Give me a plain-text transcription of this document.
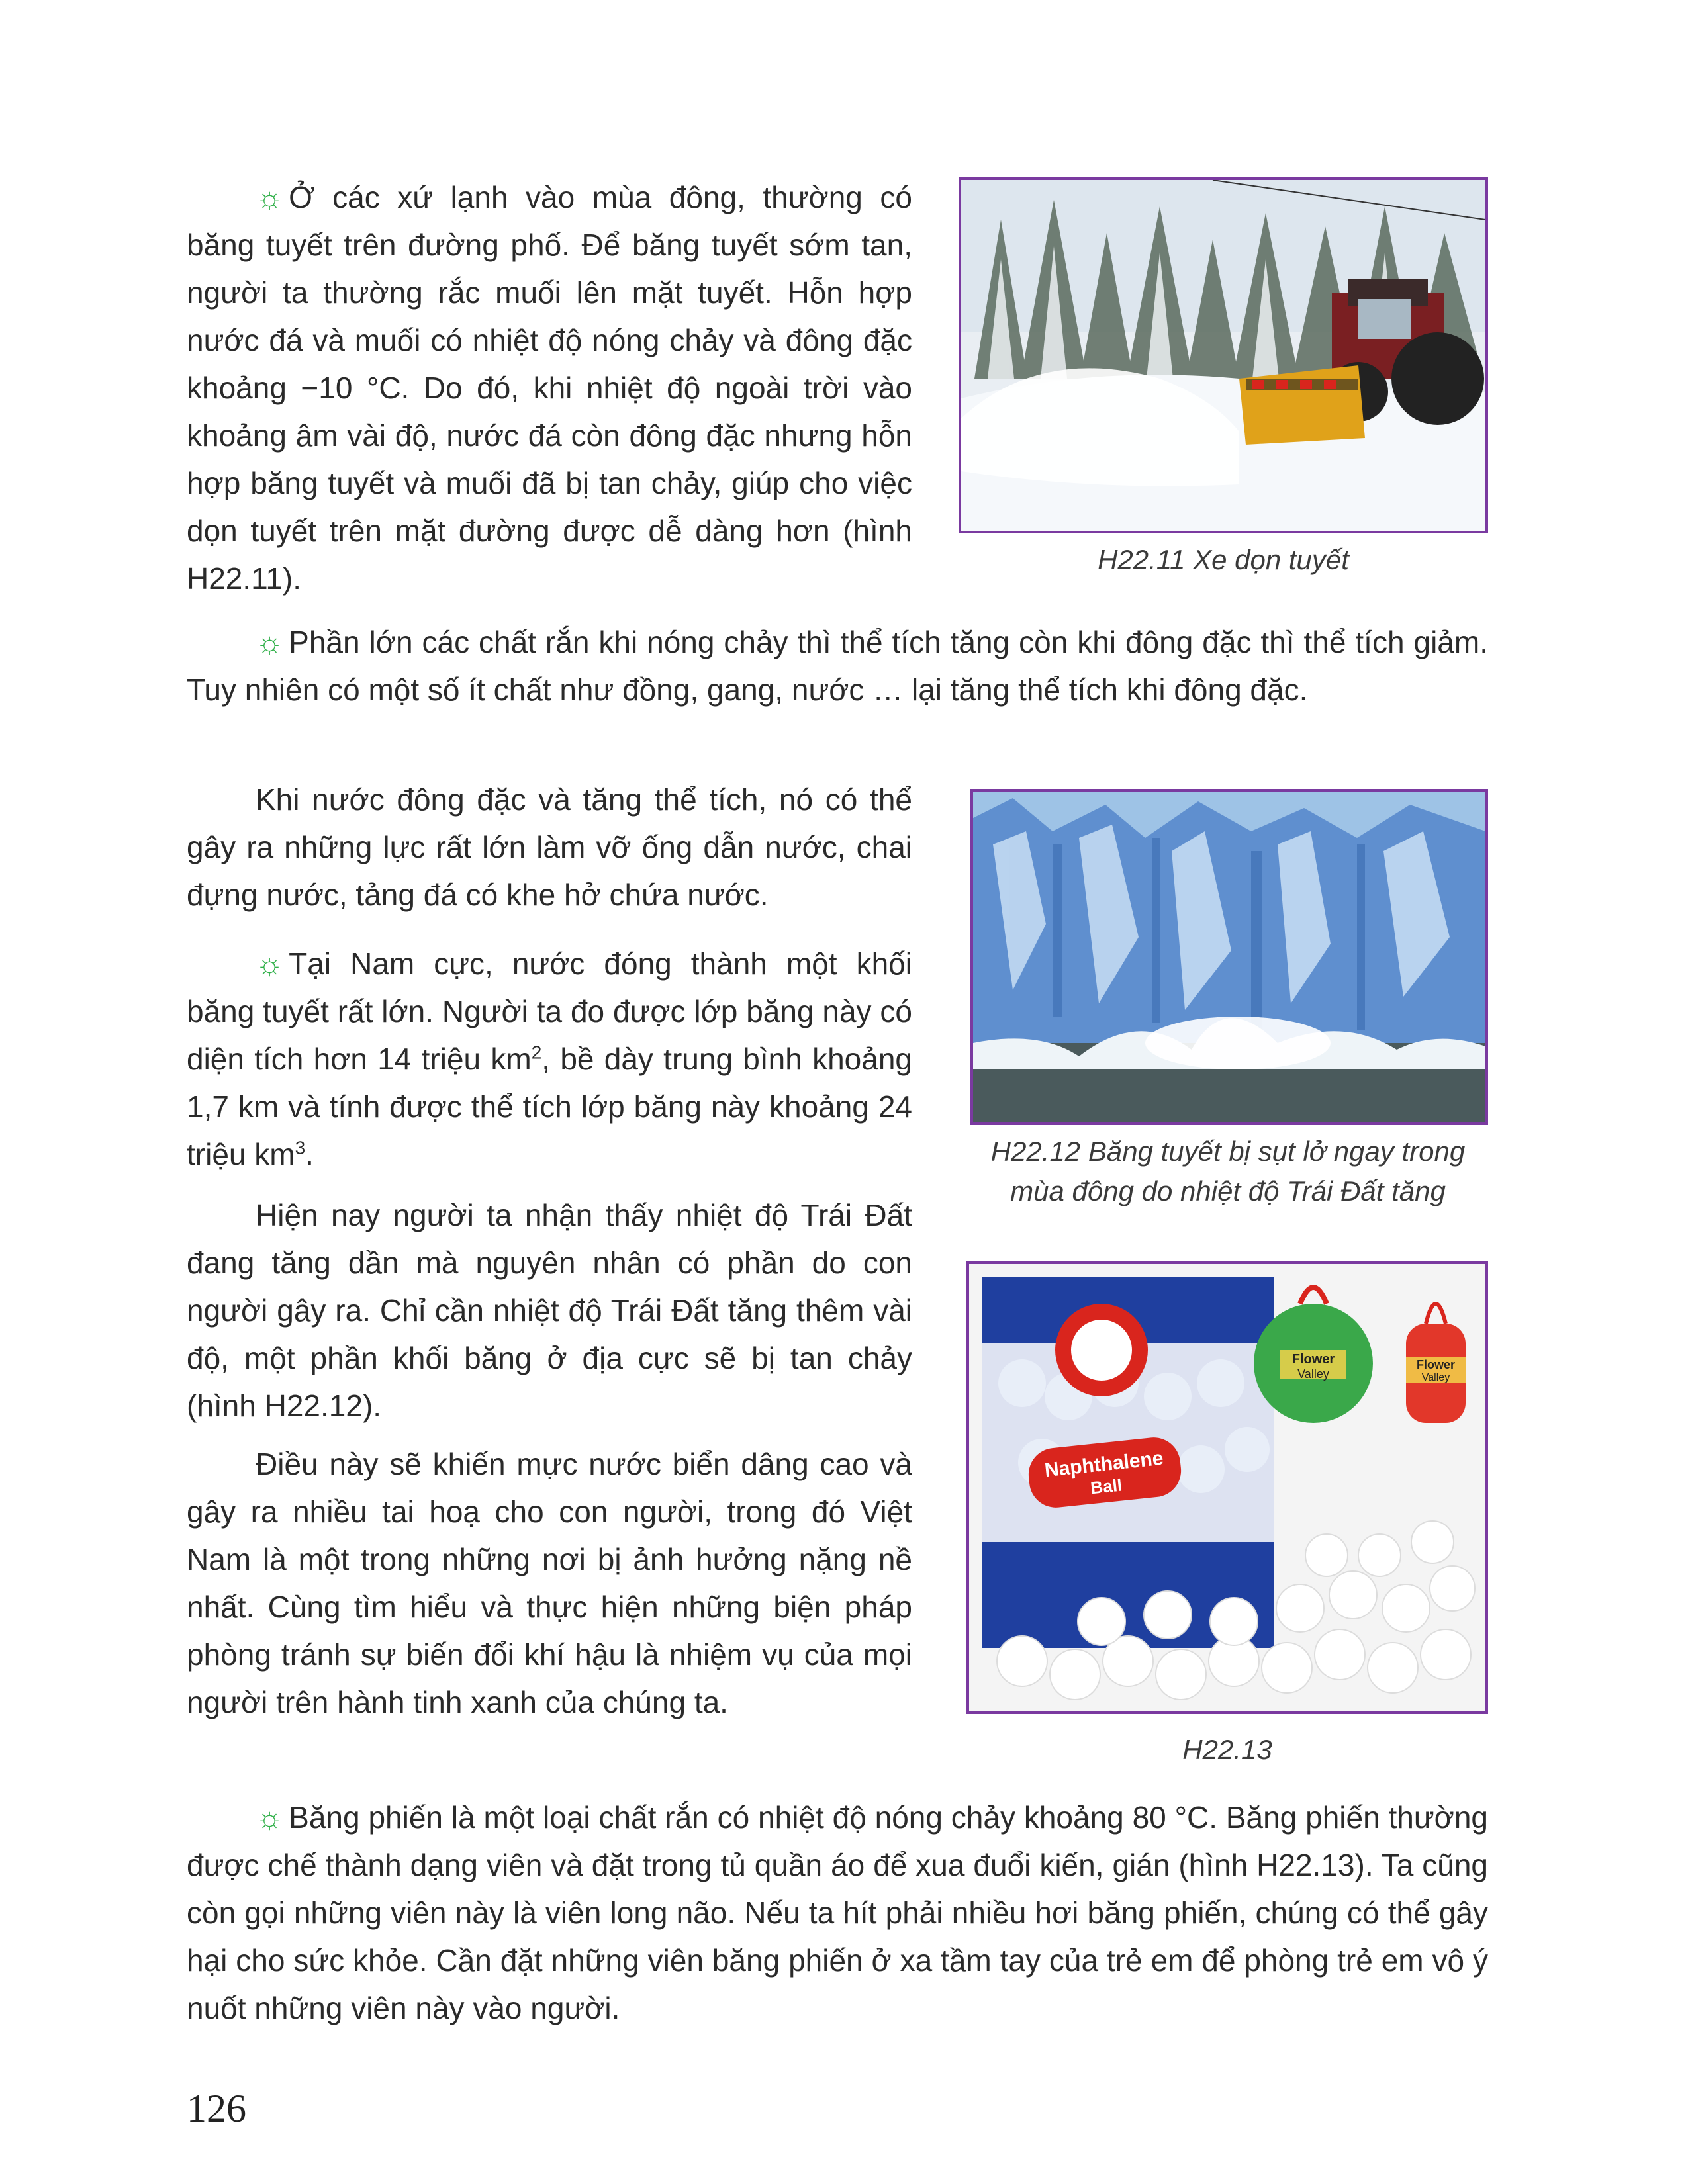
☼ Ở các xứ lạnh vào mùa đông, thường có băng tuyết trên đường phố. Để băng tuyết sớm tan, người ta thường rắc muối lên mặt tuyết. Hỗn hợp nước đá và muối có nhiệt độ nóng chảy và đông đặc khoảng −10 °C. Do đó, khi nhiệt độ ngoài trời vào khoảng âm vài độ, nước đá còn đông đặc nhưng hỗn hợp băng tuyết và muối đã bị tan chảy, giúp cho việc dọn tuyết trên mặt đường được dễ dàng hơn (hình H22.11).

H22.11 Xe dọn tuyết

☼ Phần lớn các chất rắn khi nóng chảy thì thể tích tăng còn khi đông đặc thì thể tích giảm. Tuy nhiên có một số ít chất như đồng, gang, nước … lại tăng thể tích khi đông đặc.

Khi nước đông đặc và tăng thể tích, nó có thể gây ra những lực rất lớn làm vỡ ống dẫn nước, chai đựng nước, tảng đá có khe hở chứa nước.

H22.12 Băng tuyết bị sụt lở ngay trong
mùa đông do nhiệt độ Trái Đất tăng

☼ Tại Nam cực, nước đóng thành một khối băng tuyết rất lớn. Người ta đo được lớp băng này có diện tích hơn 14 triệu $km^2$, bề dày trung bình khoảng 1,7 km và tính được thể tích lớp băng này khoảng 24 triệu $km^3$.

Hiện nay người ta nhận thấy nhiệt độ Trái Đất đang tăng dần mà nguyên nhân có phần do con người gây ra. Chỉ cần nhiệt độ Trái Đất tăng thêm vài độ, một phần khối băng ở địa cực sẽ bị tan chảy (hình H22.12).

Naphthalene
Ball
Flower
Valley
Flower
Valley
H22.13

Điều này sẽ khiến mực nước biển dâng cao và gây ra nhiều tai hoạ cho con người, trong đó Việt Nam là một trong những nơi bị ảnh hưởng nặng nề nhất. Cùng tìm hiểu và thực hiện những biện pháp phòng tránh sự biến đổi khí hậu là nhiệm vụ của mọi người trên hành tinh xanh của chúng ta.

☼ Băng phiến là một loại chất rắn có nhiệt độ nóng chảy khoảng 80 °C. Băng phiến thường được chế thành dạng viên và đặt trong tủ quần áo để xua đuổi kiến, gián (hình H22.13). Ta cũng còn gọi những viên này là viên long não. Nếu ta hít phải nhiều hơi băng phiến, chúng có thể gây hại cho sức khỏe. Cần đặt những viên băng phiến ở xa tầm tay của trẻ em để phòng trẻ em vô ý nuốt những viên này vào người.

126
